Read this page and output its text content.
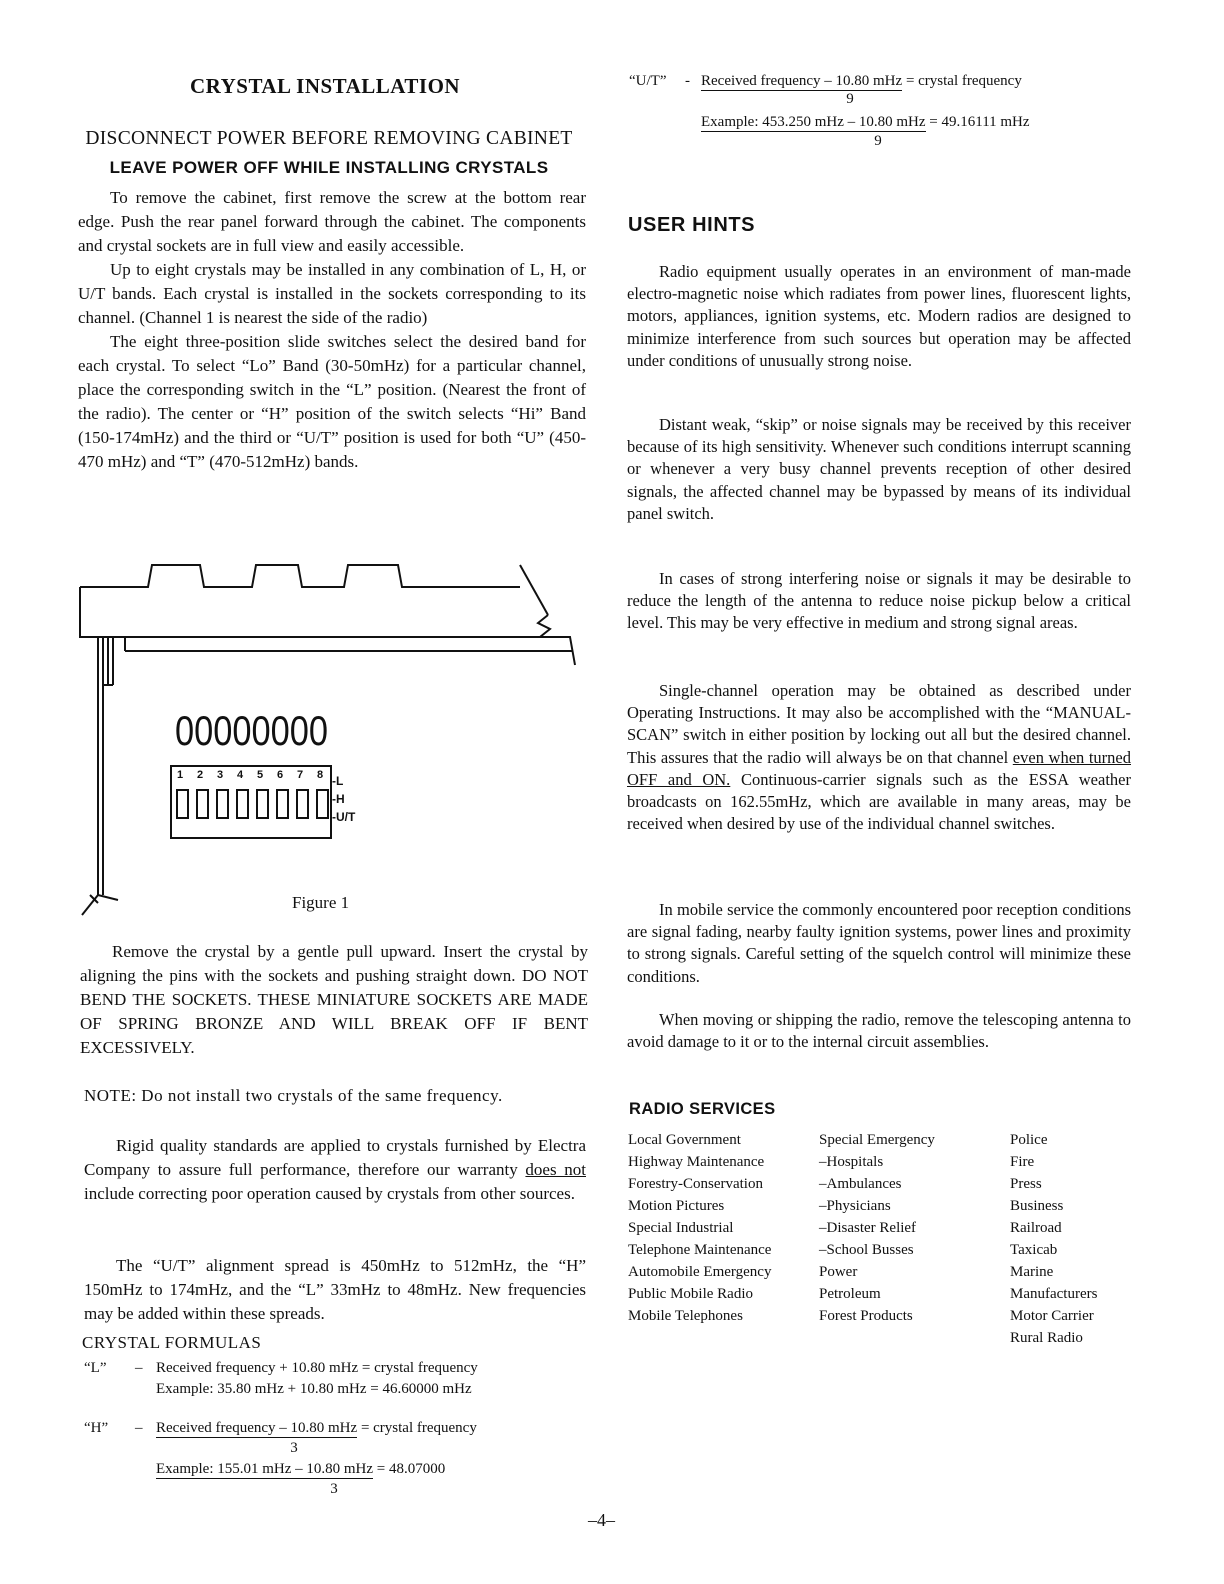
CRYSTAL INSTALLATION
DISCONNECT POWER BEFORE REMOVING CABINET
LEAVE POWER OFF WHILE INSTALLING CRYSTALS

To remove the cabinet, first remove the screw at the bottom rear edge. Push the rear panel forward through the cabinet. The components and crystal sockets are in full view and easily accessible.

Up to eight crystals may be installed in any combination of L, H, or U/T bands. Each crystal is installed in the sockets corresponding to its channel. (Channel 1 is nearest the side of the radio)

The eight three-position slide switches select the desired band for each crystal. To select “Lo” Band (30-50mHz) for a particular channel, place the corresponding switch in the “L” position. (Nearest the front of the radio). The center or “H” position of the switch selects “Hi” Band (150-174mHz) and the third or “U/T” position is used for both “U” (450-470 mHz) and “T” (470-512mHz) bands.

00000000
1 2 3 4 5 6 7 8 -L
-H
-U/T
Figure 1

Remove the crystal by a gentle pull upward. Insert the crystal by aligning the pins with the sockets and pushing straight down. DO NOT BEND THE SOCKETS. THESE MINIATURE SOCKETS ARE MADE OF SPRING BRONZE AND WILL BREAK OFF IF BENT EXCESSIVELY.

NOTE: Do not install two crystals of the same frequency.

Rigid quality standards are applied to crystals furnished by Electra Company to assure full performance, therefore our warranty does not include correcting poor operation caused by crystals from other sources.

The “U/T” alignment spread is 450mHz to 512mHz, the “H” 150mHz to 174mHz, and the “L” 33mHz to 48mHz. New frequencies may be added within these spreads.

CRYSTAL FORMULAS
“L” – Received frequency + 10.80 mHz = crystal frequency
Example: 35.80 mHz + 10.80 mHz = 46.60000 mHz
“H” – Received frequency – 10.80 mHz = crystal frequency
3
Example: 155.01 mHz – 10.80 mHz = 48.07000
3
“U/T” - Received frequency – 10.80 mHz = crystal frequency
9
Example: 453.250 mHz – 10.80 mHz = 49.16111 mHz
9
USER HINTS

Radio equipment usually operates in an environment of man-made electro-magnetic noise which radiates from power lines, fluorescent lights, motors, appliances, ignition systems, etc. Modern radios are designed to minimize interference from such sources but operation may be affected under conditions of unusually strong noise.

Distant weak, “skip” or noise signals may be received by this receiver because of its high sensitivity. Whenever such conditions interrupt scanning or whenever a very busy channel prevents reception of other desired signals, the affected channel may be bypassed by means of its individual panel switch.

In cases of strong interfering noise or signals it may be desirable to reduce the length of the antenna to reduce noise pickup below a critical level. This may be very effective in medium and strong signal areas.

Single-channel operation may be obtained as described under Operating Instructions. It may also be accomplished with the “MANUAL-SCAN” switch in either position by locking out all but the desired channel. This assures that the radio will always be on that channel even when turned OFF and ON. Continuous-carrier signals such as the ESSA weather broadcasts on 162.55mHz, which are available in many areas, may be received when desired by use of the individual channel switches.

In mobile service the commonly encountered poor reception conditions are signal fading, nearby faulty ignition systems, power lines and proximity to strong signals. Careful setting of the squelch control will minimize these conditions.

When moving or shipping the radio, remove the telescoping antenna to avoid damage to it or to the internal circuit assemblies.

RADIO SERVICES
Local Government
Highway Maintenance
Forestry-Conservation
Motion Pictures
Special Industrial
Telephone Maintenance
Automobile Emergency
Public Mobile Radio
Mobile Telephones
Special Emergency
–Hospitals
–Ambulances
–Physicians
–Disaster Relief
–School Busses
Power
Petroleum
Forest Products
Police
Fire
Press
Business
Railroad
Taxicab
Marine
Manufacturers
Motor Carrier
Rural Radio
–4–
